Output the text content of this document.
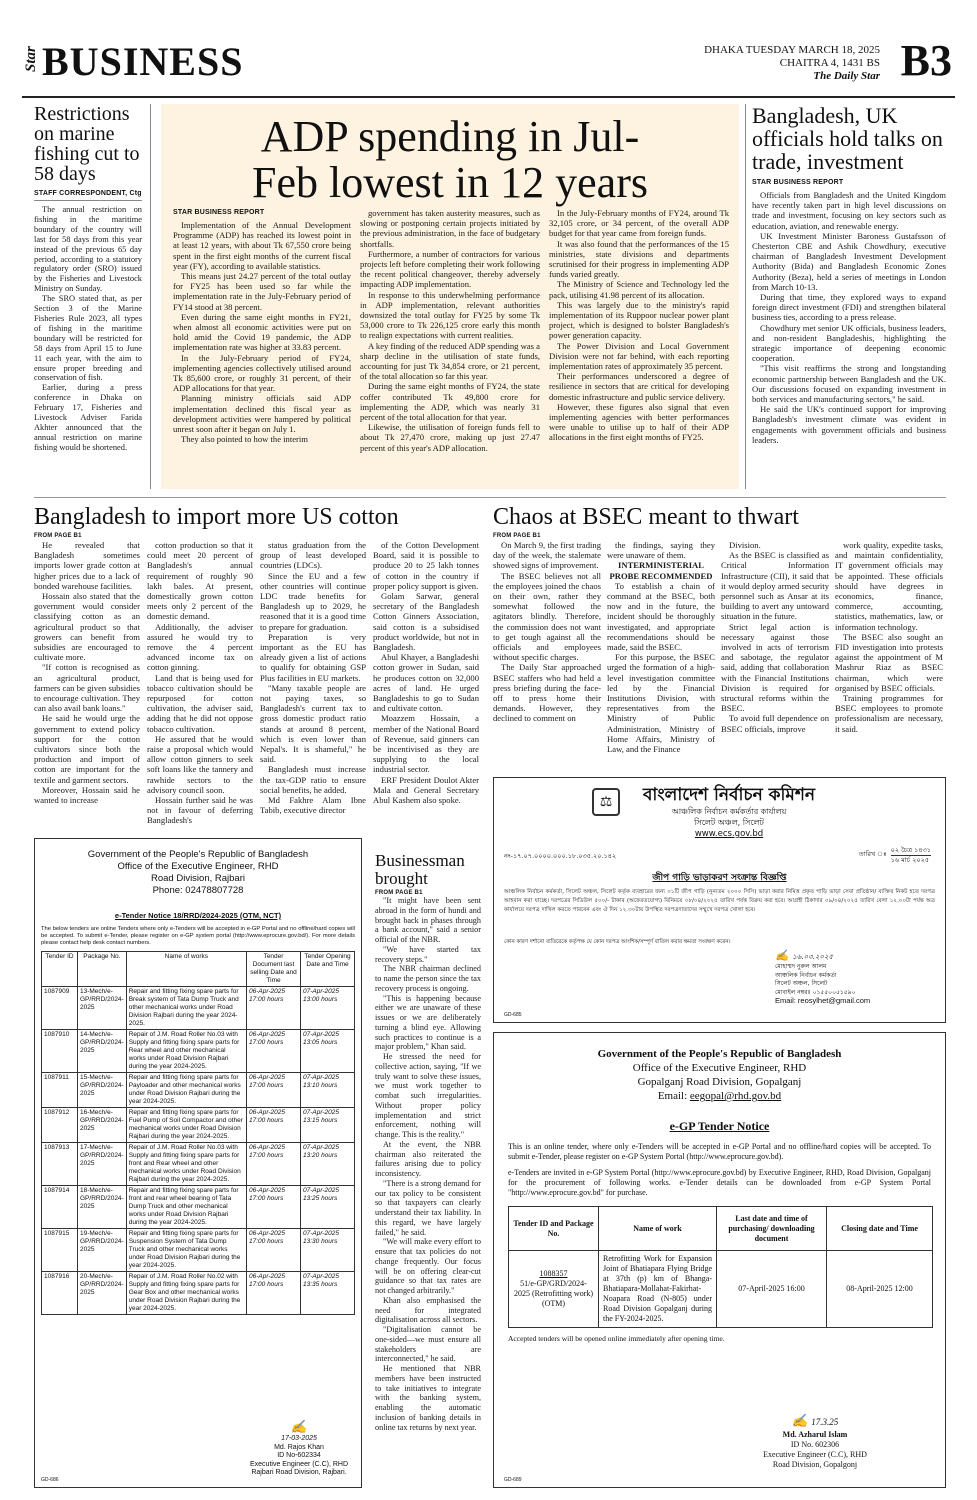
Star BUSINESS	DHAKA TUESDAY MARCH 18, 2025
CHAITRA 4, 1431 BS
The Daily Star B3
Restrictions on marine fishing cut to 58 days
STAFF CORRESPONDENT, Ctg

The annual restriction on fishing in the maritime boundary of the country will last for 58 days from this year instead of the previous 65 day period, according to a statutory regulatory order (SRO) issued by the Fisheries and Livestock Ministry on Sunday.

The SRO stated that, as per Section 3 of the Marine Fisheries Rule 2023, all types of fishing in the maritime boundary will be restricted for 58 days from April 15 to June 11 each year, with the aim to ensure proper breeding and conservation of fish.

Earlier, during a press conference in Dhaka on February 17, Fisheries and Livestock Adviser Farida Akhter announced that the annual restriction on marine fishing would be shortened.

ADP spending in Jul-Feb lowest in 12 years
STAR BUSINESS REPORT

Implementation of the Annual Development Programme (ADP) has reached its lowest point in at least 12 years, with about Tk 67,550 crore being spent in the first eight months of the current fiscal year (FY), according to available statistics.

This means just 24.27 percent of the total outlay for FY25 has been used so far while the implementation rate in the July-February period of FY14 stood at 38 percent.

Even during the same eight months in FY21, when almost all economic activities were put on hold amid the Covid 19 pandemic, the ADP implementation rate was higher at 33.83 percent.

In the July-February period of FY24, implementing agencies collectively utilised around Tk 85,600 crore, or roughly 31 percent, of their ADP allocations for that year.

Planning ministry officials said ADP implementation declined this fiscal year as development activities were hampered by political unrest soon after it began on July 1.

They also pointed to how the interim

government has taken austerity measures, such as slowing or postponing certain projects initiated by the previous administration, in the face of budgetary shortfalls.

Furthermore, a number of contractors for various projects left before completing their work following the recent political changeover, thereby adversely impacting ADP implementation.

In response to this underwhelming performance in ADP implementation, relevant authorities downsized the total outlay for FY25 by some Tk 53,000 crore to Tk 226,125 crore early this month to realign expectations with current realities.

A key finding of the reduced ADP spending was a sharp decline in the utilisation of state funds, accounting for just Tk 34,854 crore, or 21 percent, of the total allocation so far this year.

During the same eight months of FY24, the state coffer contributed Tk 49,800 crore for implementing the ADP, which was nearly 31 percent of the total allocation for that year.

Likewise, the utilisation of foreign funds fell to about Tk 27,470 crore, making up just 27.47 percent of this year's ADP allocation.

In the July-February months of FY24, around Tk 32,105 crore, or 34 percent, of the overall ADP budget for that year came from foreign funds.

It was also found that the performances of the 15 ministries, state divisions and departments scrutinised for their progress in implementing ADP funds varied greatly.

The Ministry of Science and Technology led the pack, utilising 41.98 percent of its allocation.

This was largely due to the ministry's rapid implementation of its Ruppoor nuclear power plant project, which is designed to bolster Bangladesh's power generation capacity.

The Power Division and Local Government Division were not far behind, with each reporting implementation rates of approximately 35 percent.

Their performances underscored a degree of resilience in sectors that are critical for developing domestic infrastructure and public service delivery.

However, these figures also signal that even implementing agencies with better performances were unable to utilise up to half of their ADP allocations in the first eight months of FY25.

Bangladesh, UK officials hold talks on trade, investment
STAR BUSINESS REPORT

Officials from Bangladesh and the United Kingdom have recently taken part in high level discussions on trade and investment, focusing on key sectors such as education, aviation, and renewable energy.

UK Investment Minister Baroness Gustafsson of Chesterton CBE and Ashik Chowdhury, executive chairman of Bangladesh Investment Development Authority (Bida) and Bangladesh Economic Zones Authority (Beza), held a series of meetings in London from March 10-13.

During that time, they explored ways to expand foreign direct investment (FDI) and strengthen bilateral business ties, according to a press release.

Chowdhury met senior UK officials, business leaders, and non-resident Bangladeshis, highlighting the strategic importance of deepening economic cooperation.

"This visit reaffirms the strong and longstanding economic partnership between Bangladesh and the UK. Our discussions focused on expanding investment in both services and manufacturing sectors," he said.

He said the UK's continued support for improving Bangladesh's investment climate was evident in engagements with government officials and business leaders.

Bangladesh to import more US cotton
FROM PAGE B1

He revealed that Bangladesh sometimes imports lower grade cotton at higher prices due to a lack of bonded warehouse facilities.

Hossain also stated that the government would consider classifying cotton as an agricultural product so that growers can benefit from subsidies are encouraged to cultivate more.

"If cotton is recognised as an agricultural product, farmers can be given subsidies to encourage cultivation. They can also avail bank loans."

He said he would urge the government to extend policy support for the cotton cultivators since both the production and import of cotton are important for the textile and garment sectors.

Moreover, Hossain said he wanted to increase

cotton production so that it could meet 20 percent of Bangladesh's annual requirement of roughly 90 lakh bales. At present, domestically grown cotton meets only 2 percent of the domestic demand.

Additionally, the adviser assured he would try to remove the 4 percent advanced income tax on cotton ginning.

Land that is being used for tobacco cultivation should be repurposed for cotton cultivation, the adviser said, adding that he did not oppose tobacco cultivation.

He assured that he would raise a proposal which would allow cotton ginners to seek soft loans like the tannery and rawhide sectors to the advisory council soon.

Hossain further said he was not in favour of deferring Bangladesh's

status graduation from the group of least developed countries (LDCs).

Since the EU and a few other countries will continue LDC trade benefits for Bangladesh up to 2029, he reasoned that it is a good time to prepare for graduation.

Preparation is very important as the EU has already given a list of actions to qualify for obtaining GSP Plus facilities in EU markets.

"Many taxable people are not paying taxes, so Bangladesh's current tax to gross domestic product ratio stands at around 8 percent, which is even lower than Nepal's. It is shameful," he said.

Bangladesh must increase the tax-GDP ratio to ensure social benefits, he added.

Md Fakhre Alam Ibne Tabib, executive director

of the Cotton Development Board, said it is possible to produce 20 to 25 lakh tonnes of cotton in the country if proper policy support is given.

Golam Sarwar, general secretary of the Bangladesh Cotton Ginners Association, said cotton is a subsidised product worldwide, but not in Bangladesh.

Abul Khayer, a Bangladeshi cotton grower in Sudan, said he produces cotton on 32,000 acres of land. He urged Bangladeshis to go to Sudan and cultivate cotton.

Moazzem Hossain, a member of the National Board of Revenue, said ginners can be incentivised as they are supplying to the local industrial sector.

ERF President Doulot Akter Mala and General Secretary Abul Kashem also spoke.

Chaos at BSEC meant to thwart
FROM PAGE B1

On March 9, the first trading day of the week, the stalemate showed signs of improvement.

The BSEC believes not all the employees joined the chaos on their own, rather they somewhat followed the agitators blindly. Therefore, the commission does not want to get tough against all the officials and employees without specific charges.

The Daily Star approached BSEC staffers who had held a press briefing during the face-off to press home their demands. However, they declined to comment on

the findings, saying they were unaware of them.

INTERMINISTERIAL PROBE RECOMMENDED

To establish a chain of command at the BSEC, both now and in the future, the incident should be thoroughly investigated, and appropriate recommendations should be made, said the BSEC.

For this purpose, the BSEC urged the formation of a high-level investigation committee led by the Financial Institutions Division, with representatives from the Ministry of Public Administration, Ministry of Home Affairs, Ministry of Law, and the Finance

Division.

As the BSEC is classified as Critical Information Infrastructure (CII), it said that it would deploy armed security personnel such as Ansar at its building to avert any untoward situation in the future.

Strict legal action is necessary against those involved in acts of terrorism and sabotage, the regulator said, adding that collaboration with the Financial Institutions Division is required for structural reforms within the BSEC.

To avoid full dependence on BSEC officials, improve

work quality, expedite tasks, and maintain confidentiality, IT government officials may be appointed. These officials should have degrees in economics, finance, commerce, accounting, statistics, mathematics, law, or information technology.

The BSEC also sought an FID investigation into protests against the appointment of M Mashrur Riaz as BSEC chairman, which were organised by BSEC officials.

Training programmes for BSEC employees to promote professionalism are necessary, it said.

Government of the People's Republic of Bangladesh
Office of the Executive Engineer, RHD
Road Division, Rajbari
Phone: 02478807728
e-Tender Notice 18/RRD/2024-2025 (OTM, NCT)
The below tenders are online Tenders where only e-Tenders will be accepted in e-GP Portal and no offline/hard copies will be accepted. To submit e-Tender, please register on e-GP system portal (http://www.eprocure.gov.bd/). For more details please contact help desk contact numbers.
Tender ID	Package No.	Name of works	Tender Document last selling Date and Time	Tender Opening Date and Time
1087909	13-Mech/e-GP/RRD/2024-2025	Repair and fitting fixing spare parts for Break system of Tata Dump Truck and other mechanical works under Road Division Rajbari during the year 2024-2025.	06-Apr-2025 17:00 hours	07-Apr-2025 13:00 hours
1087910	14-Mech/e-GP/RRD/2024-2025	Repair of J.M. Road Roller No.03 with Supply and fitting fixing spare parts for Rear wheel and other mechanical works under Road Division Rajbari during the year 2024-2025.	06-Apr-2025 17:00 hours	07-Apr-2025 13:05 hours
1087911	15-Mech/e-GP/RRD/2024-2025	Repair and fitting fixing spare parts for Payloader and other mechanical works under Road Division Rajbari during the year 2024-2025.	06-Apr-2025 17:00 hours	07-Apr-2025 13:10 hours
1087912	16-Mech/e-GP/RRD/2024-2025	Repair and fitting fixing spare parts for Fuel Pump of Soil Compactor and other mechanical works under Road Division Rajbari during the year 2024-2025.	06-Apr-2025 17:00 hours	07-Apr-2025 13:15 hours
1087913	17-Mech/e-GP/RRD/2024-2025	Repair of J.M. Road Roller No.03 with Supply and fitting fixing spare parts for front and Rear wheel and other mechanical works under Road Division Rajbari during the year 2024-2025.	06-Apr-2025 17:00 hours	07-Apr-2025 13:20 hours
1087914	18-Mech/e-GP/RRD/2024-2025	Repair and fitting fixing spare parts for front and rear wheel bearing of Tata Dump Truck and other mechanical works under Road Division Rajbari during the year 2024-2025.	06-Apr-2025 17:00 hours	07-Apr-2025 13:25 hours
1087915	19-Mech/e-GP/RRD/2024-2025	Repair and fitting fixing spare parts for Suspension System of Tata Dump Truck and other mechanical works under Road Division Rajbari during the year 2024-2025.	06-Apr-2025 17:00 hours	07-Apr-2025 13:30 hours
1087916	20-Mech/e-GP/RRD/2024-2025	Repair of J.M. Road Roller No.02 with Supply and fitting fixing spare parts for Gear Box and other mechanical works under Road Division Rajbari during the year 2024-2025.	06-Apr-2025 17:00 hours	07-Apr-2025 13:35 hours
✍
17-03-2025
Md. Rajos Khan
ID No-602334
Executive Engineer (C.C), RHD
Rajbari Road Division, Rajbari.
GD-686
Businessman brought
FROM PAGE B1

"It might have been sent abroad in the form of hundi and brought back in phases through a bank account," said a senior official of the NBR.

"We have started tax recovery steps."

The NBR chairman declined to name the person since the tax recovery process is ongoing.

"This is happening because either we are unaware of these issues or we are deliberately turning a blind eye. Allowing such practices to continue is a major problem," Khan said.

He stressed the need for collective action, saying, "If we truly want to solve these issues, we must work together to combat such irregularities. Without proper policy implementation and strict enforcement, nothing will change. This is the reality."

At the event, the NBR chairman also reiterated the failures arising due to policy inconsistency.

"There is a strong demand for our tax policy to be consistent so that taxpayers can clearly understand their tax liability. In this regard, we have largely failed," he said.

"We will make every effort to ensure that tax policies do not change frequently. Our focus will be on offering clear-cut guidance so that tax rates are not changed arbitrarily."

Khan also emphasised the need for integrated digitalisation across all sectors.

"Digitalisation cannot be one-sided—we must ensure all stakeholders are interconnected," he said.

He mentioned that NBR members have been instructed to take initiatives to integrate with the banking system, enabling the automatic inclusion of banking details in online tax returns by next year.

⚖	বাংলাদেশ নির্বাচন কমিশন
আঞ্চলিক নির্বাচন কর্মকর্তার কার্যালয়
সিলেট অঞ্চল, সিলেট
www.ecs.gov.bd
নং-১৭.০৭.০০০০.০০০.১৮.০৩৫.২০.১৪২	তারিখ ঃ ০২ চৈত্র ১৪৩১
১৬ মার্চ ২০২৫
জীপ গাড়ি ভাড়াকরণ সংক্রান্ত বিজ্ঞপ্তি
আঞ্চলিক নির্বাচন কর্মকর্তা, সিলেট অঞ্চল, সিলেট কর্তৃক ব্যবহারের জন্য ০১টি জীপ গাড়ি (নুন্যতম ২০০০ সিসি) ভাড়া করার নিমিত্ত প্রকৃত গাড়ি ভাড়া সেবা প্রতিষ্ঠান/ ব্যক্তির নিকট হতে দরপত্র আহবান করা যাচ্ছে। দরপত্রের সিডিউল ৫০০/- টাকার (অফেরতযোগ্য) বিনিময়ে ০৮/০৪/২০২৫ তারিখ পর্যন্ত বিক্রয় করা হবে। আগ্রহী ঠিকাদার ০৯/০৪/২০২৫ তারিখ বেলা ১২.০০টা পর্যন্ত অত্র কার্যালয়ে দরপত্র দাখিল করতে পারবেন এবং ঐ দিন ১২.৩০টায় উপস্থিত দরপত্রদাতাদের সম্মুখে দরপত্র খোলা হবে।
কোন কারণ দর্শানো ব্যতিরেকে কর্তৃপক্ষ যে কোন দরপত্র আংশিক/সম্পূর্ণ বাতিল করার ক্ষমতা সংরক্ষণ করেন।
✍ ১৬.০৩.২০২৫
মোহাম্মদ নুরুল আলম
আঞ্চলিক নির্বাচন কর্মকর্তা
সিলেট অঞ্চল, সিলেট
মোবাইল নম্বরঃ ০১৫৫০০৫১৫৯০
Email: reosylhet@gmail.com
GD-685
Government of the People's Republic of Bangladesh
Office of the Executive Engineer, RHD
Gopalganj Road Division, Gopalganj
Email: eegopal@rhd.gov.bd
e-GP Tender Notice
This is an online tender, where only e-Tenders will be accepted in e-GP Portal and no offline/hard copies will be accepted. To submit e-Tender, please register on e-GP System Portal (http://www.eprocure.gov.bd).
e-Tenders are invited in e-GP System Portal (http://www.eprocure.gov.bd) by Executive Engineer, RHD, Road Division, Gopalganj for the procurement of following works. e-Tender details can be downloaded from e-GP System Portal "http://www.eprocure.gov.bd" for purchase.
Tender ID and Package No.	Name of work	Last date and time of purchasing/ downloading document	Closing date and Time

1088357
51/e-GP/GRD/2024-2025 (Retrofitting work) (OTM)	Retrofitting Work for Expansion Joint of Bhatiapara Flying Bridge at 37th (p) km of Bhanga-Bhatiapara-Mollahat-Fakirhat-Noapara Road (N-805) under Road Division Gopalganj during the FY-2024-2025.	07-April-2025 16:00	08-April-2025 12:00
Accepted tenders will be opened online immediately after opening time.
✍ 17.3.25
Md. Azharul Islam
ID No. 602306
Executive Engineer (C.C), RHD
Road Division, Gopalgonj
GD-689
